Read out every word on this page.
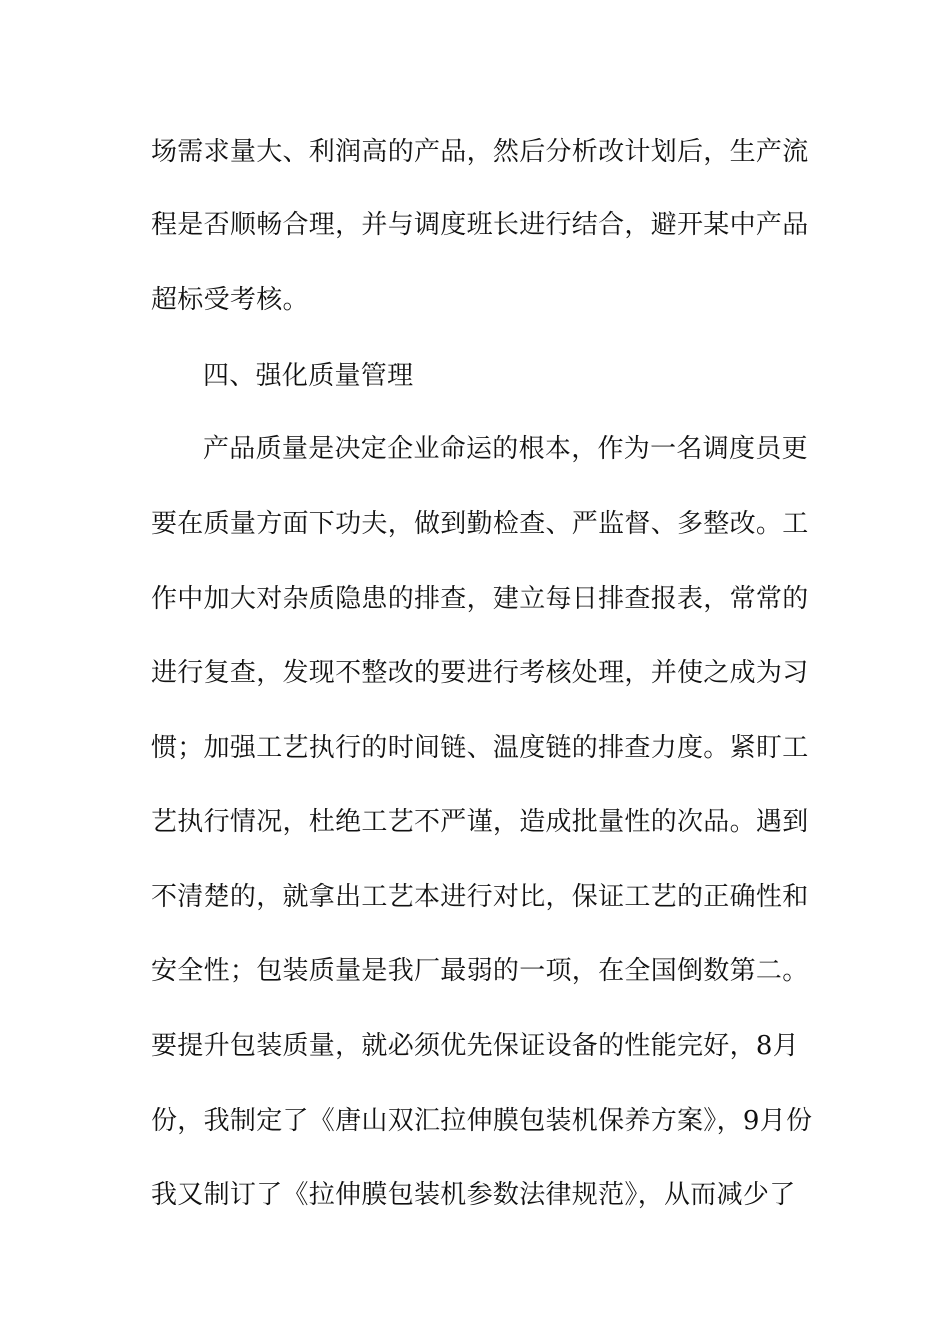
场需求量大、利润高的产品，然后分析改计划后，生产流
程是否顺畅合理，并与调度班长进行结合，避开某中产品
超标受考核。
四、强化质量管理
产品质量是决定企业命运的根本，作为一名调度员更
要在质量方面下功夫，做到勤检查、严监督、多整改。工
作中加大对杂质隐患的排查，建立每日排查报表，常常的
进行复查，发现不整改的要进行考核处理，并使之成为习
惯；加强工艺执行的时间链、温度链的排查力度。紧盯工
艺执行情况，杜绝工艺不严谨，造成批量性的次品。遇到
不清楚的，就拿出工艺本进行对比，保证工艺的正确性和
安全性；包装质量是我厂最弱的一项，在全国倒数第二。
要提升包装质量，就必须优先保证设备的性能完好，8月
份，我制定了《唐山双汇拉伸膜包装机保养方案》，9月份
我又制订了《拉伸膜包装机参数法律规范》，从而减少了
